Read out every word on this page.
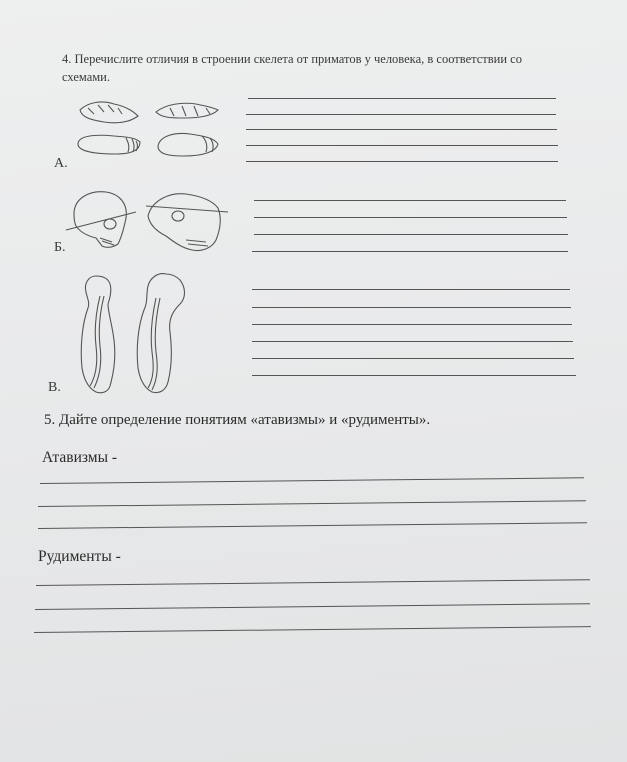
4. Перечислите отличия в строении скелета от приматов у человека, в соответствии со схемами.
А.
Б.
В.
5. Дайте определение понятиям «атавизмы» и «рудименты».
Атавизмы -
Рудименты -
